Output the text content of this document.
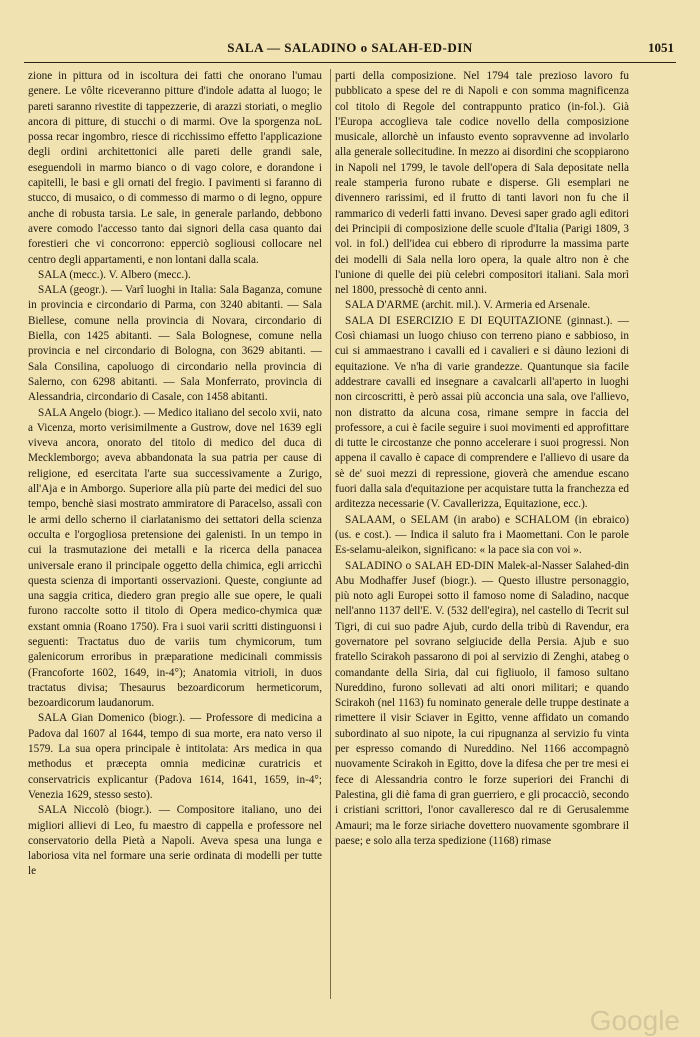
SALA — SALADINO o SALAH-ED-DIN	1051

zione in pittura od in iscoltura dei fatti che onorano l'umau genere. Le vôlte riceveranno pitture d'indole adatta al luogo; le pareti saranno rivestite di tappezzerie, di arazzi storiati, o meglio ancora di pitture, di stucchi o di marmi. Ove la sporgenza noL possa recar ingombro, riesce di ricchissimo effetto l'applicazione degli ordini architettonici alle pareti delle grandi sale, eseguendoli in marmo bianco o di vago colore, e dorandone i capitelli, le basi e gli ornati del fregio. I pavimenti si faranno di stucco, di musaico, o di commesso di marmo o di legno, oppure anche di robusta tarsia. Le sale, in generale parlando, debbono avere comodo l'accesso tanto dai signori della casa quanto dai forestieri che vi concorrono: epperciò sogliousi collocare nel centro degli appartamenti, e non lontani dalla scala.

SALA (mecc.). V. Albero (mecc.).

SALA (geogr.). — Varî luoghi in Italia: Sala Baganza, comune in provincia e circondario di Parma, con 3240 abitanti. — Sala Biellese, comune nella provincia di Novara, circondario di Biella, con 1425 abitanti. — Sala Bolognese, comune nella provincia e nel circondario di Bologna, con 3629 abitanti. — Sala Consilina, capoluogo di circondario nella provincia di Salerno, con 6298 abitanti. — Sala Monferrato, provincia di Alessandria, circondario di Casale, con 1458 abitanti.

SALA Angelo (biogr.). — Medico italiano del secolo xvii, nato a Vicenza, morto verisimilmente a Gustrow, dove nel 1639 egli viveva ancora, onorato del titolo di medico del duca di Mecklemborgo; aveva abbandonata la sua patria per cause di religione, ed esercitata l'arte sua successivamente a Zurigo, all'Aja e in Amborgo. Superiore alla più parte dei medici del suo tempo, benchè siasi mostrato ammiratore di Paracelso, assalì con le armi dello scherno il ciarlatanismo dei settatori della scienza occulta e l'orgogliosa pretensione dei galenisti. In un tempo in cui la trasmutazione dei metalli e la ricerca della panacea universale erano il principale oggetto della chimica, egli arricchì questa scienza di importanti osservazioni. Queste, congiunte ad una saggia critica, diedero gran pregio alle sue opere, le quali furono raccolte sotto il titolo di Opera medico-chymica quæ exstant omnia (Roano 1750). Fra i suoi varii scritti distinguonsi i seguenti: Tractatus duo de variis tum chymicorum, tum galenicorum erroribus in præparatione medicinali commissis (Francoforte 1602, 1649, in-4°); Anatomia vitrioli, in duos tractatus divisa; Thesaurus bezoardicorum hermeticorum, bezoardicorum laudanorum.

SALA Gian Domenico (biogr.). — Professore di medicina a Padova dal 1607 al 1644, tempo di sua morte, era nato verso il 1579. La sua opera principale è intitolata: Ars medica in qua methodus et præcepta omnia medicinæ curatricis et conservatricis explicantur (Padova 1614, 1641, 1659, in-4°; Venezia 1629, stesso sesto).

SALA Niccolò (biogr.). — Compositore italiano, uno dei migliori allievi di Leo, fu maestro di cappella e professore nel conservatorio della Pietà a Napoli. Aveva spesa una lunga e laboriosa vita nel formare una serie ordinata di modelli per tutte le

parti della composizione. Nel 1794 tale prezioso lavoro fu pubblicato a spese del re di Napoli e con somma magnificenza col titolo di Regole del contrappunto pratico (in-fol.). Già l'Europa accoglieva tale codice novello della composizione musicale, allorchè un infausto evento sopravvenne ad involarlo alla generale sollecitudine. In mezzo ai disordini che scoppiarono in Napoli nel 1799, le tavole dell'opera di Sala depositate nella reale stamperia furono rubate e disperse. Gli esemplari ne divennero rarissimi, ed il frutto di tanti lavori non fu che il rammarico di vederli fatti invano. Devesi saper grado agli editori dei Principii di composizione delle scuole d'Italia (Parigi 1809, 3 vol. in fol.) dell'idea cui ebbero di riprodurre la massima parte dei modelli di Sala nella loro opera, la quale altro non è che l'unione di quelle dei più celebri compositori italiani. Sala morì nel 1800, pressochè di cento anni.

SALA D'ARME (archit. mil.). V. Armeria ed Arsenale.

SALA DI ESERCIZIO E DI EQUITAZIONE (ginnast.). — Così chiamasi un luogo chiuso con terreno piano e sabbioso, in cui si ammaestrano i cavalli ed i cavalieri e si dàuno lezioni di equitazione. Ve n'ha di varie grandezze. Quantunque sia facile addestrare cavalli ed insegnare a cavalcarli all'aperto in luoghi non circoscritti, è però assai più acconcia una sala, ove l'allievo, non distratto da alcuna cosa, rimane sempre in faccia del professore, a cui è facile seguire i suoi movimenti ed approfittare di tutte le circostanze che ponno accelerare i suoi progressi. Non appena il cavallo è capace di comprendere e l'allievo di usare da sè de' suoi mezzi di repressione, gioverà che amendue escano fuori dalla sala d'equitazione per acquistare tutta la franchezza ed arditezza necessarie (V. Cavallerizza, Equitazione, ecc.).

SALAAM, o SELAM (in arabo) e SCHALOM (in ebraico) (us. e cost.). — Indica il saluto fra i Maomettani. Con le parole Es-selamu-aleikon, significano: « la pace sia con voi ».

SALADINO o SALAH ED-DIN Malek-al-Nasser Salahed-din Abu Modhaffer Jusef (biogr.). — Questo illustre personaggio, più noto agli Europei sotto il famoso nome di Saladino, nacque nell'anno 1137 dell'E. V. (532 dell'egira), nel castello di Tecrit sul Tigri, di cui suo padre Ajub, curdo della tribù di Ravendur, era governatore pel sovrano selgiucide della Persia. Ajub e suo fratello Scirakoh passarono di poi al servizio di Zenghi, atabeg o comandante della Siria, dal cui figliuolo, il famoso sultano Nureddino, furono sollevati ad alti onori militari; e quando Scirakoh (nel 1163) fu nominato generale delle truppe destinate a rimettere il visir Sciaver in Egitto, venne affidato un comando subordinato al suo nipote, la cui ripugnanza al servizio fu vinta per espresso comando di Nureddino. Nel 1166 accompagnò nuovamente Scirakoh in Egitto, dove la difesa che per tre mesi ei fece di Alessandria contro le forze superiori dei Franchi di Palestina, gli diè fama di gran guerriero, e gli procacciò, secondo i cristiani scrittori, l'onor cavalleresco dal re di Gerusalemme Amauri; ma le forze siriache dovettero nuovamente sgombrare il paese; e solo alla terza spedizione (1168) rimase

Google
